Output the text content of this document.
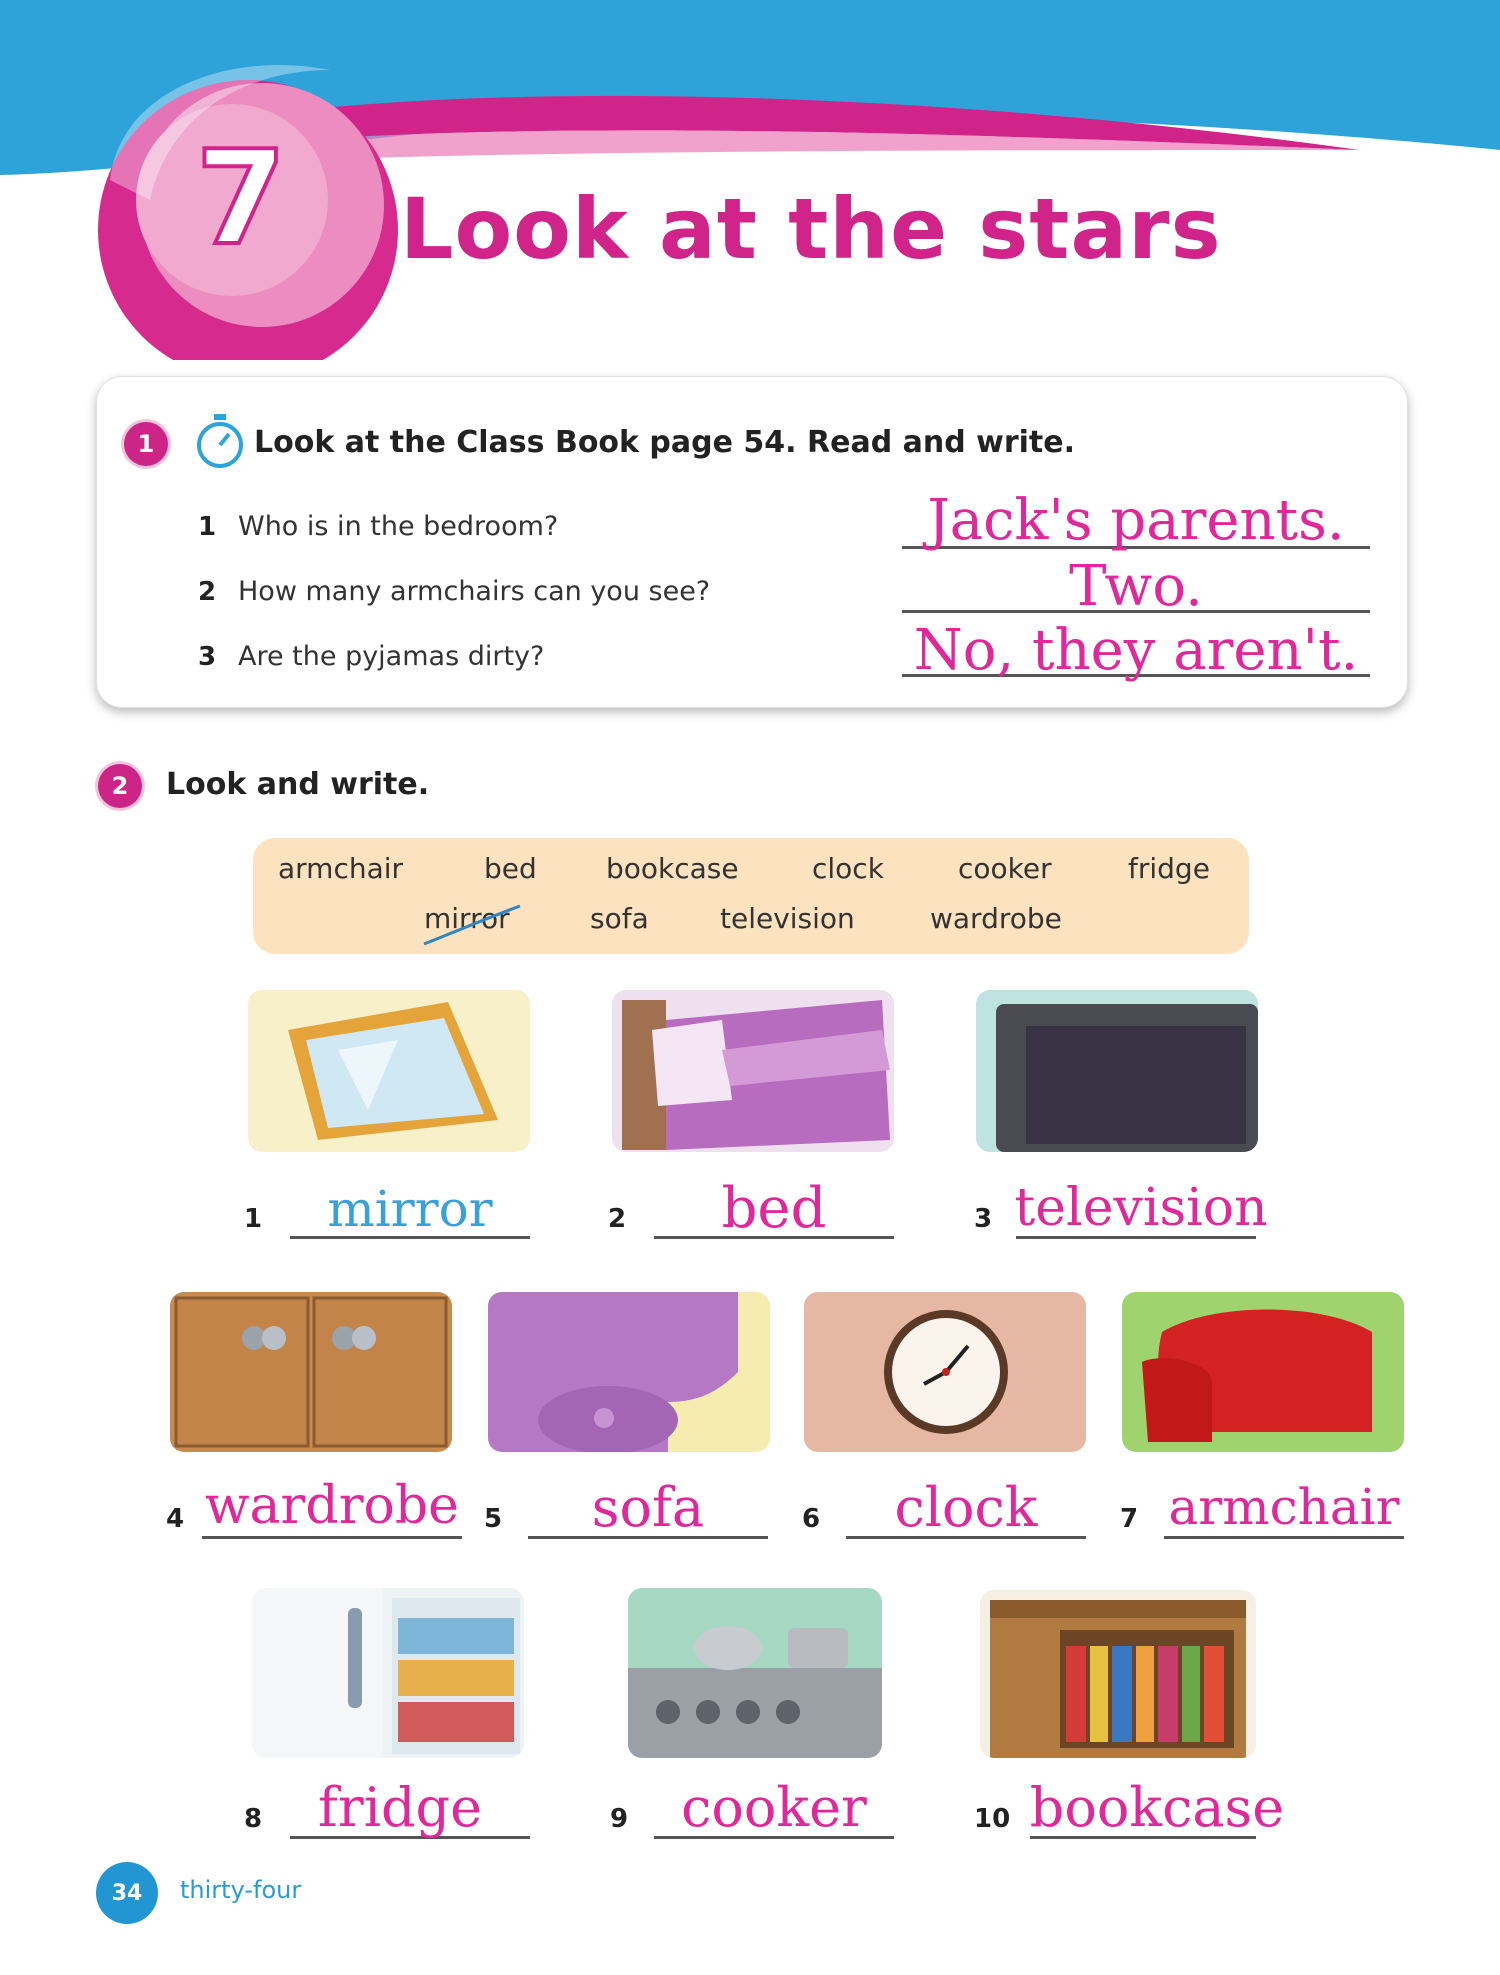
7 Look at the stars
1	Look at the Class Book page 54. Read and write.
1 Who is in the bedroom?	Jack's parents.
2 How many armchairs can you see?	Two.
3 Are the pyjamas dirty?	No, they aren't.
2	Look and write.
armchair	bed bookcase	clock	cooker	fridge
mirror	sofa	television	wardrobe
1	mirror	2	bed	3 television
4 wardrobe 5	sofa	6	clock	7 armchair
8	fridge	9 cooker	10 bookcase
34	thirty-four
